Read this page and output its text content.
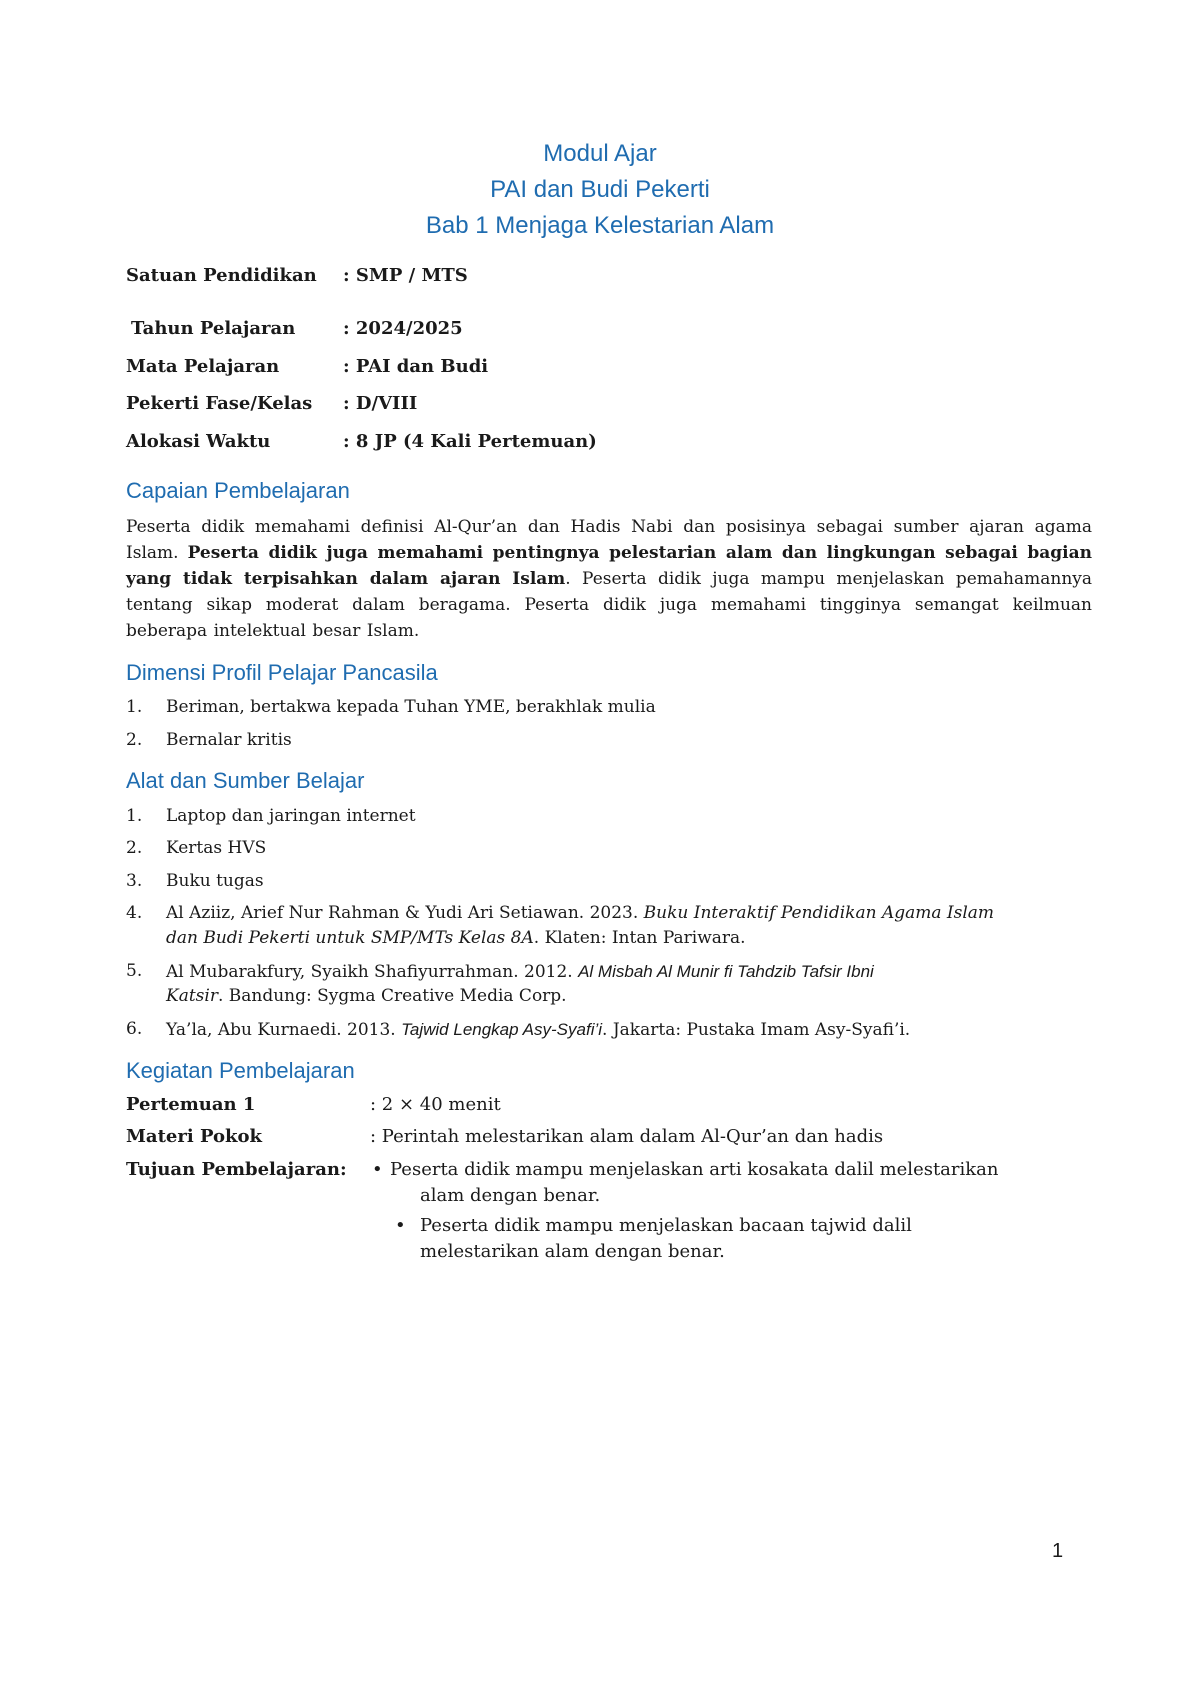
Modul Ajar
PAI dan Budi Pekerti
Bab 1 Menjaga Kelestarian Alam
Satuan Pendidikan : SMP / MTS
Tahun Pelajaran	: 2024/2025
Mata Pelajaran	: PAI dan Budi
Pekerti Fase/Kelas : D/VIII
Alokasi Waktu	: 8 JP (4 Kali Pertemuan)
Capaian Pembelajaran
Peserta didik memahami definisi Al-Qur’an dan Hadis Nabi dan posisinya sebagai sumber ajaran agama Islam. Peserta didik juga memahami pentingnya pelestarian alam dan lingkungan sebagai bagian yang tidak terpisahkan dalam ajaran Islam. Peserta didik juga mampu menjelaskan pemahamannya tentang sikap moderat dalam beragama. Peserta didik juga memahami tingginya semangat keilmuan beberapa intelektual besar Islam.
Dimensi Profil Pelajar Pancasila
1. Beriman, bertakwa kepada Tuhan YME, berakhlak mulia
2. Bernalar kritis
Alat dan Sumber Belajar
1. Laptop dan jaringan internet
2. Kertas HVS
3. Buku tugas
4. Al Aziiz, Arief Nur Rahman & Yudi Ari Setiawan. 2023. Buku Interaktif Pendidikan Agama Islam
dan Budi Pekerti untuk SMP/MTs Kelas 8A. Klaten: Intan Pariwara.
5. Al Mubarakfury, Syaikh Shafiyurrahman. 2012. Al Misbah Al Munir fi Tahdzib Tafsir Ibni
Katsir. Bandung: Sygma Creative Media Corp.
6. Ya’la, Abu Kurnaedi. 2013. Tajwid Lengkap Asy-Syafi’i. Jakarta: Pustaka Imam Asy-Syafi’i.
Kegiatan Pembelajaran
Pertemuan 1	: 2 × 40 menit
Materi Pokok	: Perintah melestarikan alam dalam Al-Qur’an dan hadis
Tujuan Pembelajaran: • Peserta didik mampu menjelaskan arti kosakata dalil melestarikan
alam dengan benar.
• Peserta didik mampu menjelaskan bacaan tajwid dalil
melestarikan alam dengan benar.
1
